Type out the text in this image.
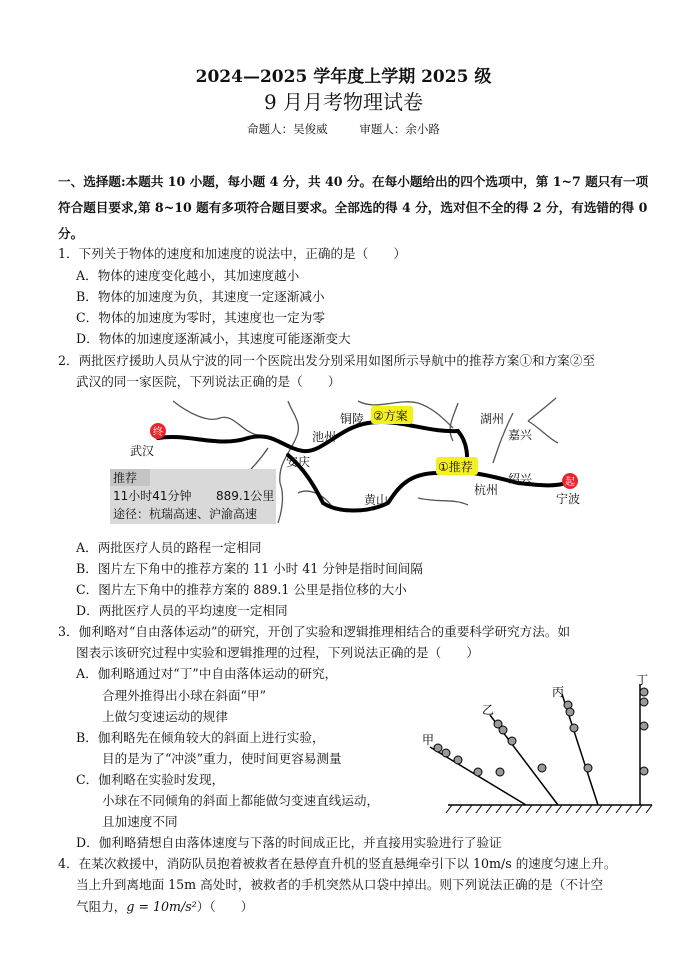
2024—2025 学年度上学期 2025 级
9 月月考物理试卷
命题人：吴俊威	审题人：余小路
一、选择题:本题共 10 小题，每小题 4 分，共 40 分。在每小题给出的四个选项中，第 1~7 题只有一项符合题目要求,第 8~10 题有多项符合题目要求。全部选的得 4 分，选对但不全的得 2 分，有选错的得 0 分。
1．下列关于物体的速度和加速度的说法中，正确的是（　　）
A．物体的速度变化越小，其加速度越小
B．物体的加速度为负，其速度一定逐渐减小
C．物体的加速度为零时，其速度也一定为零
D．物体的加速度逐渐减小，其速度可能逐渐变大
2．两批医疗援助人员从宁波的同一个医院出发分别采用如图所示导航中的推荐方案①和方案②至
武汉的同一家医院，下列说法正确的是（　　）
终
起
②方案
①推荐
武汉
池州
铜陵
安庆
湖州
嘉兴
黄山
杭州
绍兴
宁波
推荐
11小时41分钟 889.1公里
途径：杭瑞高速、沪渝高速
A．两批医疗人员的路程一定相同
B．图片左下角中的推荐方案的 11 小时 41 分钟是指时间间隔
C．图片左下角中的推荐方案的 889.1 公里是指位移的大小
D．两批医疗人员的平均速度一定相同
3．伽利略对“自由落体运动”的研究，开创了实验和逻辑推理相结合的重要科学研究方法。如
图表示该研究过程中实验和逻辑推理的过程，下列说法正确的是（　　）
A．伽利略通过对“丁”中自由落体运动的研究，
合理外推得出小球在斜面“甲”
上做匀变速运动的规律
B．伽利略先在倾角较大的斜面上进行实验，
目的是为了“冲淡”重力，使时间更容易测量
C．伽利略在实验时发现，
小球在不同倾角的斜面上都能做匀变速直线运动，
且加速度不同
D．伽利略猜想自由落体速度与下落的时间成正比，并直接用实验进行了验证
甲
乙
丙
丁
4．在某次救援中，消防队员抱着被救者在悬停直升机的竖直悬绳牵引下以 10m/s 的速度匀速上升。
当上升到离地面 15m 高处时，被救者的手机突然从口袋中掉出。则下列说法正确的是（不计空
气阻力，g = 10m/s²）（　　）
